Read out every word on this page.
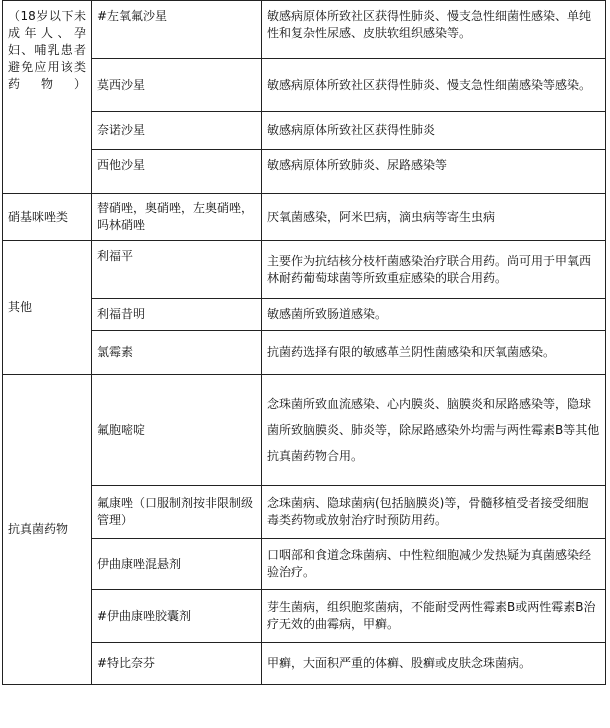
（18岁以下未成年人、孕妇、哺乳患者避免应用该类药物）	#左氧氟沙星	敏感病原体所致社区获得性肺炎、慢支急性细菌性感染、单纯性和复杂性尿感、皮肤软组织感染等。
	莫西沙星	敏感病原体所致社区获得性肺炎、慢支急性细菌感染等感染。
	奈诺沙星	敏感病原体所致社区获得性肺炎
	西他沙星	敏感病原体所致肺炎、尿路感染等
硝基咪唑类	替硝唑，奥硝唑，左奥硝唑，吗林硝唑	厌氧菌感染，阿米巴病，滴虫病等寄生虫病
其他	利福平	主要作为抗结核分枝杆菌感染治疗联合用药。尚可用于甲氧西林耐药葡萄球菌等所致重症感染的联合用药。
	利福昔明	敏感菌所致肠道感染。
	氯霉素	抗菌药选择有限的敏感革兰阴性菌感染和厌氧菌感染。
抗真菌药物	氟胞嘧啶	念珠菌所致血流感染、心内膜炎、脑膜炎和尿路感染等，隐球菌所致脑膜炎、肺炎等，除尿路感染外均需与两性霉素B等其他抗真菌药物合用。
	氟康唑（口服制剂按非限制级管理）	念珠菌病、隐球菌病(包括脑膜炎)等，骨髓移植受者接受细胞毒类药物或放射治疗时预防用药。
	伊曲康唑混悬剂	口咽部和食道念珠菌病、中性粒细胞减少发热疑为真菌感染经验治疗。
	#伊曲康唑胶囊剂	芽生菌病，组织胞浆菌病，不能耐受两性霉素B或两性霉素B治疗无效的曲霉病，甲癣。
	#特比奈芬	甲癣，大面积严重的体癣、股癣或皮肤念珠菌病。
